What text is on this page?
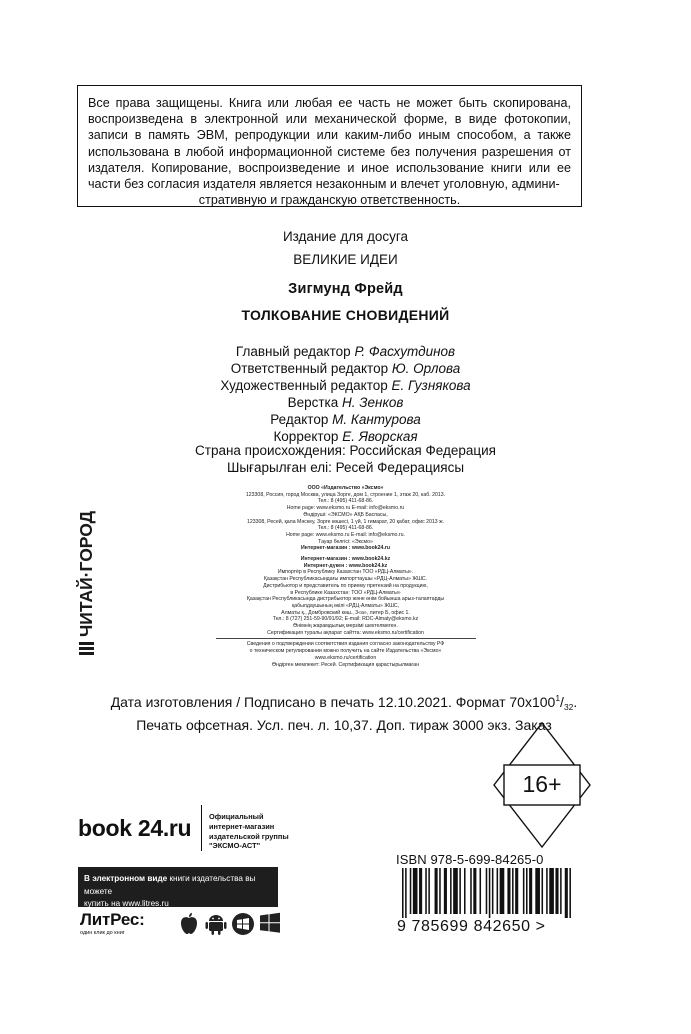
Все права защищены. Книга или любая ее часть не может быть скопирована, воспроизведена в электронной или механической форме, в виде фотокопии, записи в память ЭВМ, репродукции или каким-либо иным способом, а также использована в любой информационной системе без получения разрешения от издателя. Копирование, воспроизведение и иное использование книги или ее части без согласия издателя является незаконным и влечет уголовную, админи-
стративную и гражданскую ответственность.
Издание для досуга
ВЕЛИКИЕ ИДЕИ
Зигмунд Фрейд
ТОЛКОВАНИЕ СНОВИДЕНИЙ
Главный редактор Р. Фасхутдинов
Ответственный редактор Ю. Орлова
Художественный редактор Е. Гузнякова
Верстка Н. Зенков
Редактор М. Кантурова
Корректор Е. Яворская
Страна происхождения: Российская Федерация
Шығарылған елі: Ресей Федерациясы
ООО «Издательство «Эксмо»
123308, Россия, город Москва, улица Зорге, дом 1, строение 1, этаж 20, каб. 2013.
Тел.: 8 (495) 411-68-86.
Home page: www.eksmo.ru E-mail: info@eksmo.ru
Өндіруші: «ЭКСМО» АҚБ Баспасы,
123308, Ресей, қала Мәскеу, Зорге көшесі, 1 үй, 1 ғимарат, 20 қабат, офис 2013 ж.
Тел.: 8 (495) 411-68-86.
Home page: www.eksmo.ru E-mail: info@eksmo.ru.
Тауар белгісі: «Эксмо»
Интернет-магазин : www.book24.ru
Интернет-магазин : www.book24.kz
Интернет-дүкен : www.book24.kz
Импортёр в Республику Казахстан ТОО «РДЦ-Алматы».
Қазақстан Республикасындағы импорттаушы «РДЦ-Алматы» ЖШС.
Дистрибьютор и представитель по приему претензий на продукцию,
в Республике Казахстан: ТОО «РДЦ-Алматы»
Қазақстан Республикасында дистрибьютор және өнім бойынша арыз-талаптарды
қабылдаушының өкілі «РДЦ-Алматы» ЖШС,
Алматы қ., Домбровский көш., 3«а», литер Б, офис 1.
Тел.: 8 (727) 251-59-90/91/92; E-mail: RDC-Almaty@eksmo.kz
Өнімнің жарамдылық мерзімі шектелмеген.
Сертификация туралы ақпарат сайтта: www.eksmo.ru/certification
Сведения о подтверждении соответствия издания согласно законодательству РФ
о техническом регулировании можно получить на сайте Издательства «Эксмо»
www.eksmo.ru/certification
Өндірген мемлекет: Ресей. Сертификация қарастырылмаған
Дата изготовления / Подписано в печать 12.10.2021. Формат $70x100^1/_{32}$.
Печать офсетная. Усл. печ. л. 10,37. Доп. тираж 3000 экз. Заказ
ЧИТАЙ·ГОРОД
16+
book 24.ru Официальный
интернет-магазин
издательской группы
"ЭКСМО-АСТ"
В электронном виде книги издательства вы можете
купить на www.litres.ru
ЛитРес:
один клик до книг
ISBN 978-5-699-84265-0
9 785699 842650 >
